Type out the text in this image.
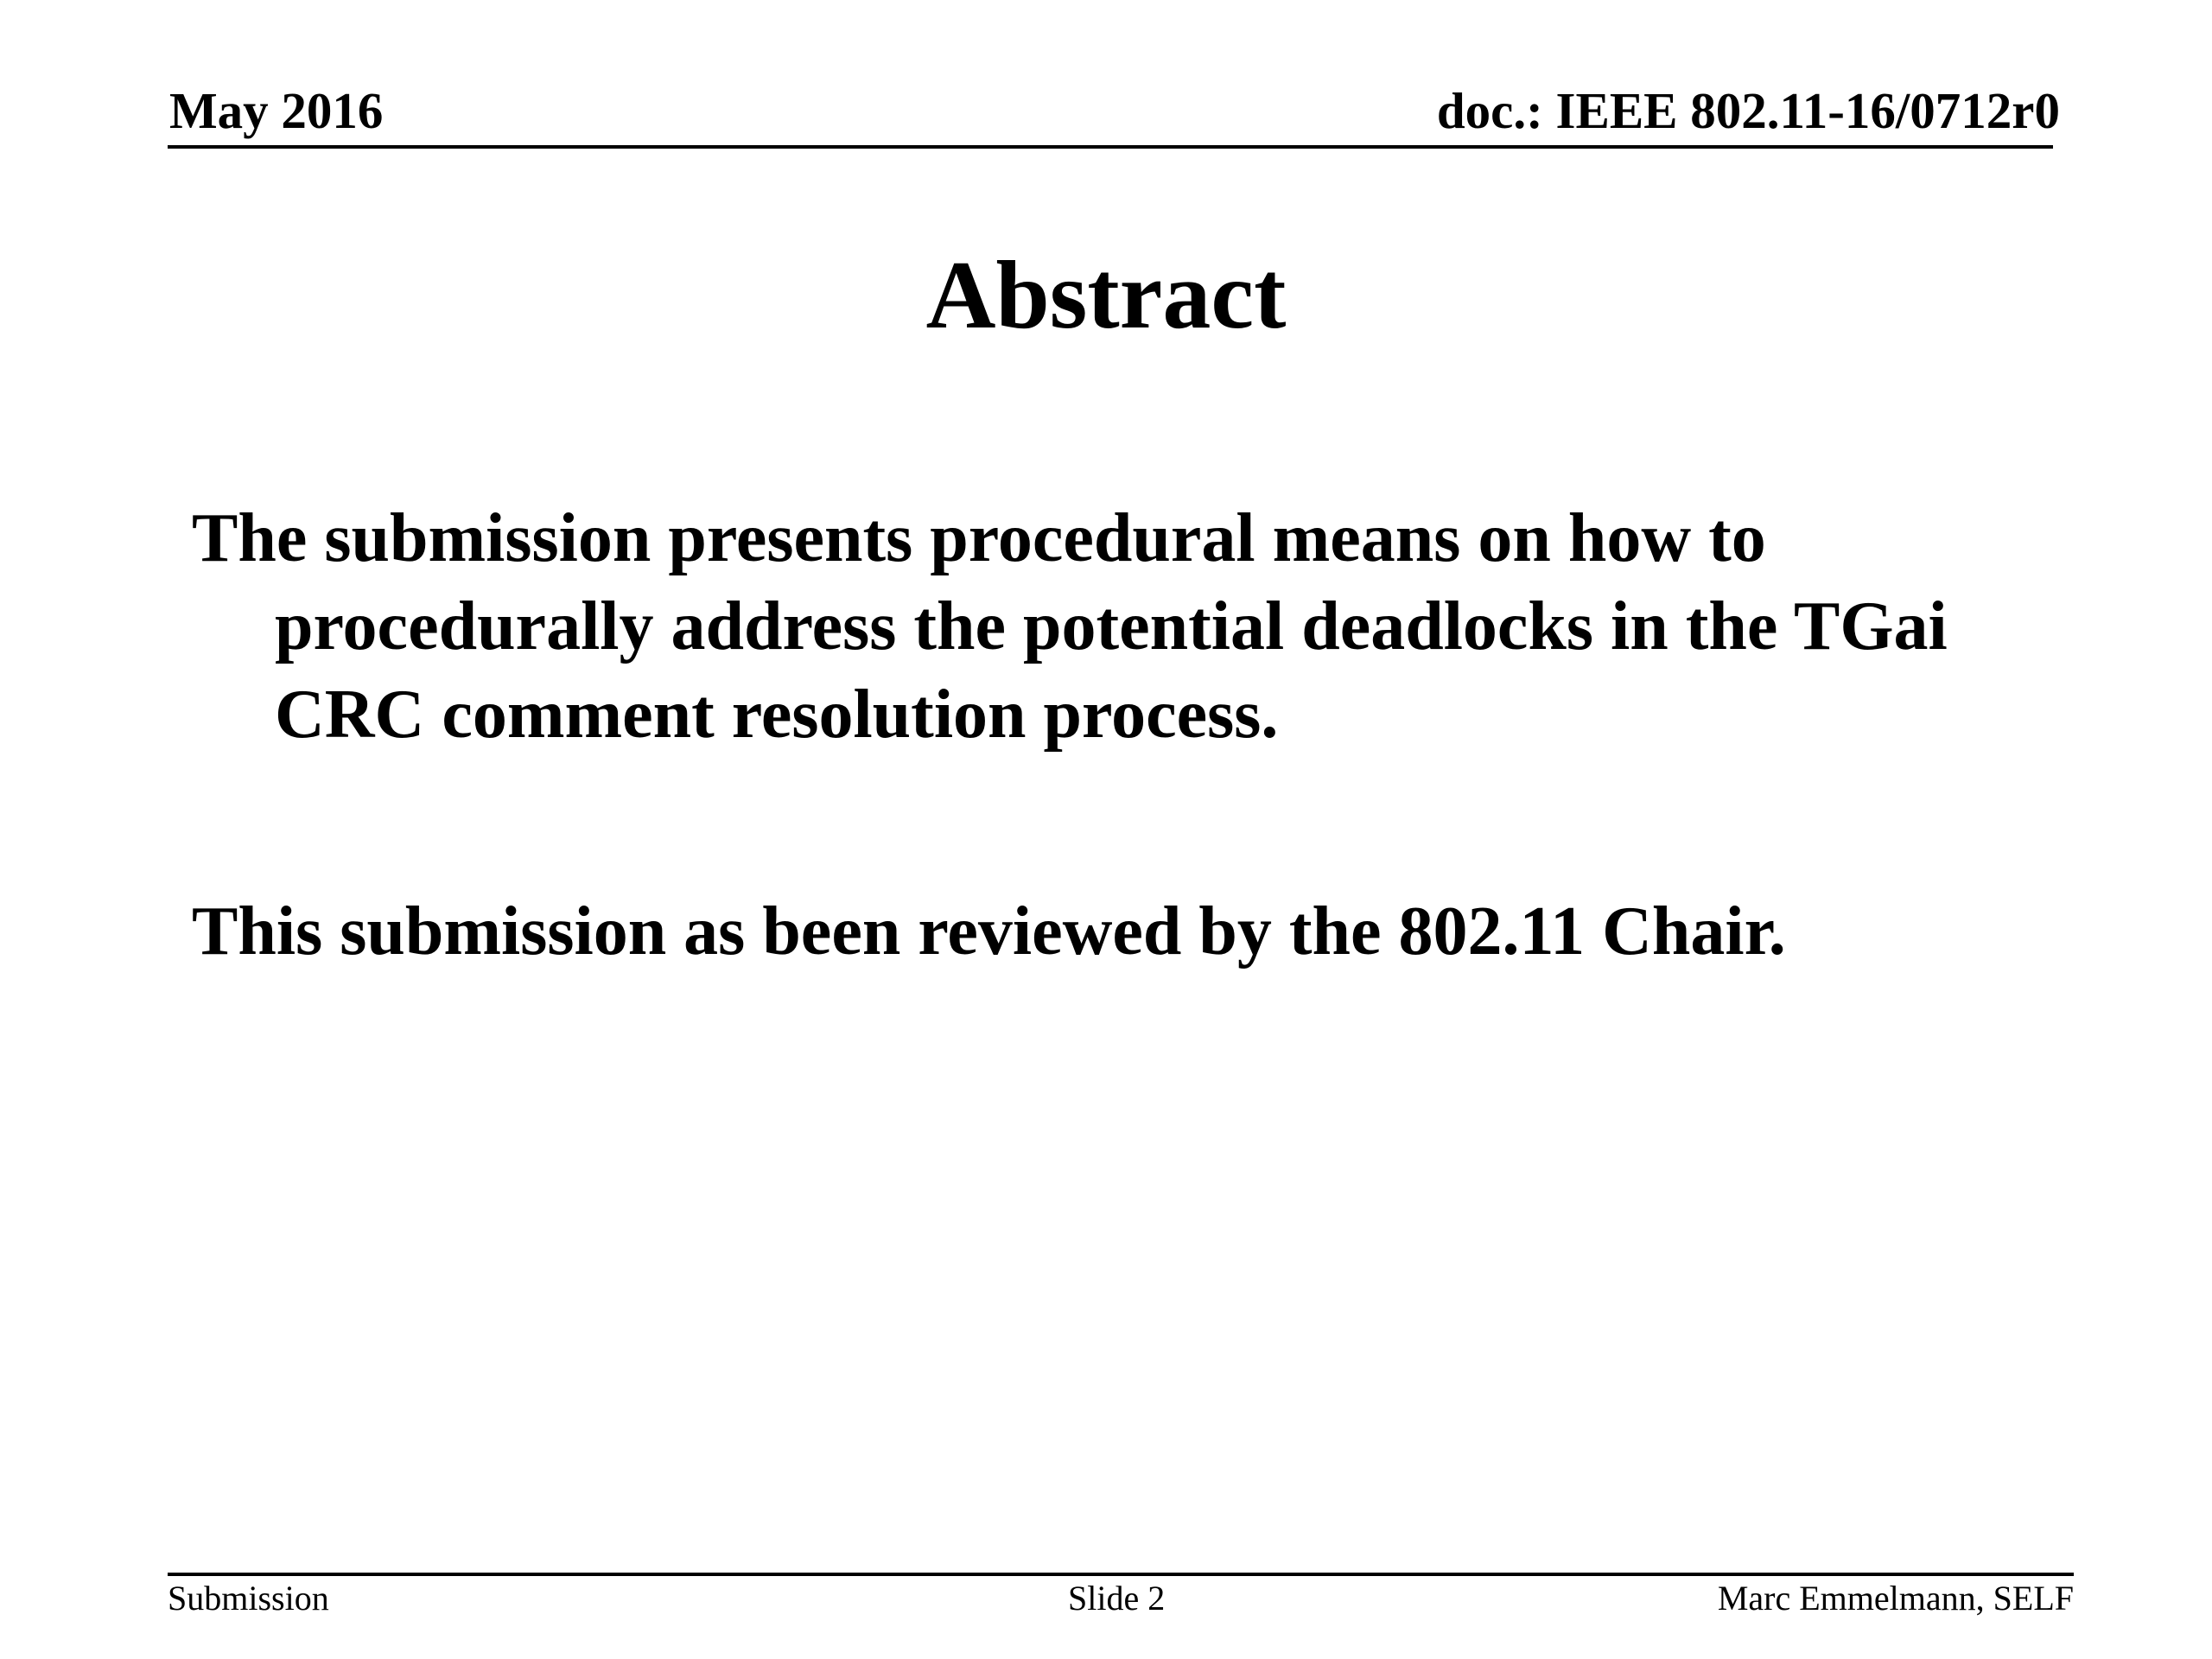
May 2016	doc.: IEEE 802.11-16/0712r0
Abstract
The submission presents procedural means on how to procedurally address the potential deadlocks in the TGai CRC comment resolution process.
This submission as been reviewed by the 802.11 Chair.
Submission	Slide 2	Marc Emmelmann, SELF
